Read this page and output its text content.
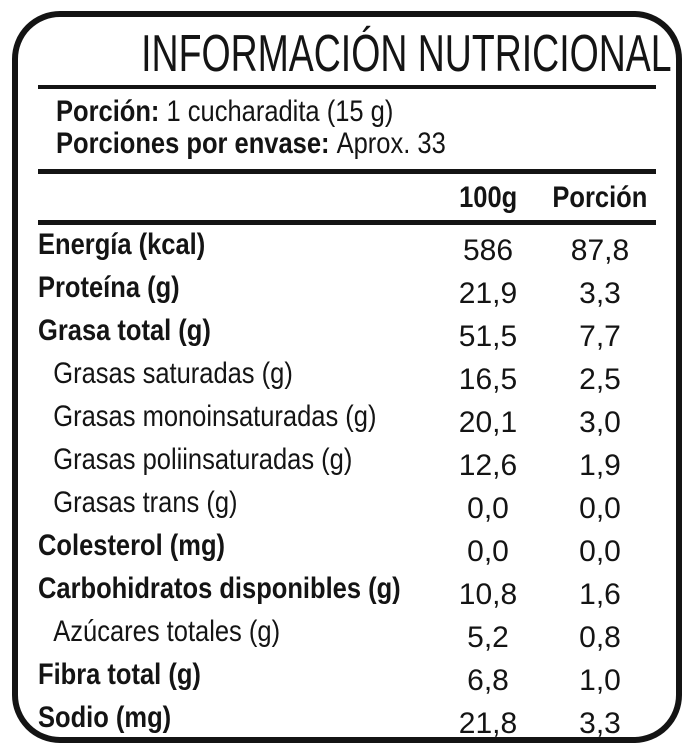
INFORMACIÓN NUTRICIONAL
Porción: 1 cucharadita (15 g)
Porciones por envase: Aprox. 33
	100g	Porción
Energía (kcal)	586	87,8
Proteína (g)	21,9	3,3
Grasa total (g)	51,5	7,7
Grasas saturadas (g)	16,5	2,5
Grasas monoinsaturadas (g)	20,1	3,0
Grasas poliinsaturadas (g)	12,6	1,9
Grasas trans (g)	0,0	0,0
Colesterol (mg)	0,0	0,0
Carbohidratos disponibles (g)	10,8	1,6
Azúcares totales (g)	5,2	0,8
Fibra total (g)	6,8	1,0
Sodio (mg)	21,8	3,3
